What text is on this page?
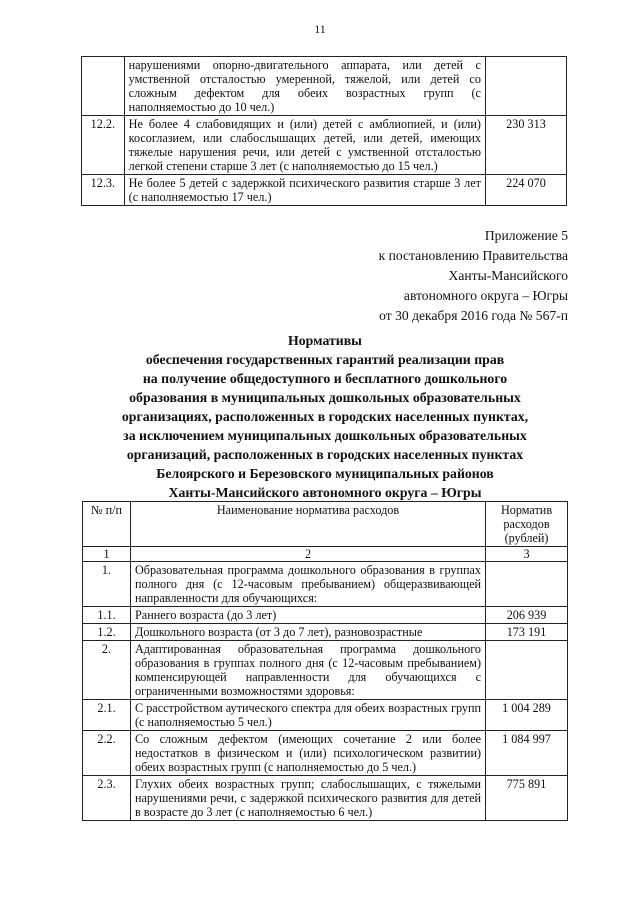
11
	нарушениями опорно-двигательного аппарата, или детей с умственной отсталостью умеренной, тяжелой, или детей со сложным дефектом для обеих возрастных групп (с наполняемостью до 10 чел.)	
12.2.	Не более 4 слабовидящих и (или) детей с амблиопией, и (или) косоглазием, или слабослышащих детей, или детей, имеющих тяжелые нарушения речи, или детей с умственной отсталостью легкой степени старше 3 лет (с наполняемостью до 15 чел.)	230 313
12.3.	Не более 5 детей с задержкой психического развития старше 3 лет (с наполняемостью 17 чел.)	224 070
Приложение 5
к постановлению Правительства
Ханты-Мансийского
автономного округа – Югры
от 30 декабря 2016 года № 567-п
Нормативы
обеспечения государственных гарантий реализации прав
на получение общедоступного и бесплатного дошкольного
образования в муниципальных дошкольных образовательных
организациях, расположенных в городских населенных пунктах,
за исключением муниципальных дошкольных образовательных
организаций, расположенных в городских населенных пунктах
Белоярского и Березовского муниципальных районов
Ханты-Мансийского автономного округа – Югры
№ п/п	Наименование норматива расходов	Норматив расходов (рублей)
1	2	3
1.	Образовательная программа дошкольного образования в группах полного дня (с 12-часовым пребыванием) общеразвивающей направленности для обучающихся:	
1.1.	Раннего возраста (до 3 лет)	206 939
1.2.	Дошкольного возраста (от 3 до 7 лет), разновозрастные	173 191
2.	Адаптированная образовательная программа дошкольного образования в группах полного дня (с 12-часовым пребыванием) компенсирующей направленности для обучающихся с ограниченными возможностями здоровья:	
2.1.	С расстройством аутического спектра для обеих возрастных групп (с наполняемостью 5 чел.)	1 004 289
2.2.	Со сложным дефектом (имеющих сочетание 2 или более недостатков в физическом и (или) психологическом развитии) обеих возрастных групп (с наполняемостью до 5 чел.)	1 084 997
2.3.	Глухих обеих возрастных групп; слабослышащих, с тяжелыми нарушениями речи, с задержкой психического развития для детей в возрасте до 3 лет (с наполняемостью 6 чел.)	775 891
